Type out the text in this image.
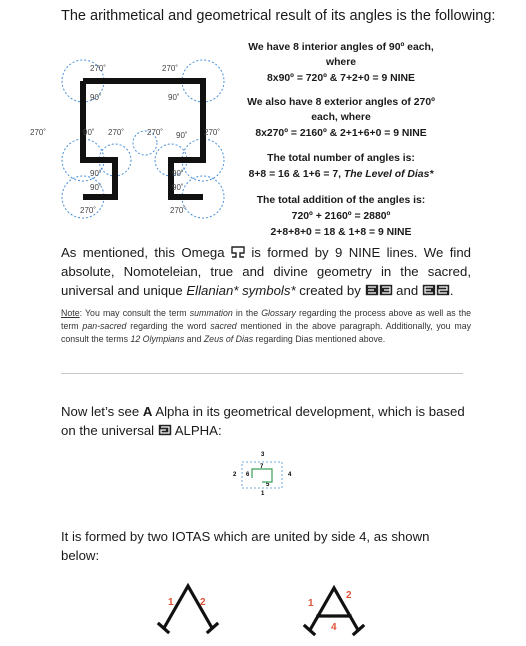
The arithmetical and geometrical result of its angles is the following:
270˚	270˚
90˚	90˚
270˚	90˚ 270˚	270˚ 90˚ 270˚
90˚	90˚
90˚	90˚
270˚	270˚
We have 8 interior angles of 90º each,
where
8x90º = 720º & 7+2+0 = 9 NINE
We also have 8 exterior angles of 270º
each, where
8x270º = 2160º & 2+1+6+0 = 9 NINE
The total number of angles is:
8+8 = 16 & 1+6 = 7, The Level of Dias*
The total addition of the angles is:
720º + 2160º = 2880º
2+8+8+0 = 18 & 1+8 = 9 NINE
As mentioned, this Omega  is formed by 9 NINE lines. We find absolute, Nomoteleian, true and divine geometry in the sacred, universal and unique Ellanian* symbols* created by  and .
Note: You may consult the term summation in the Glossary regarding the process above as well as the term pan-sacred regarding the word sacred mentioned in the above paragraph. Additionally, you may consult the terms 12 Olympians and Zeus of Dias regarding Dias mentioned above.
Now let’s see A Alpha in its geometrical development, which is based on the universal  ALPHA:
3
7
2 6	4
5
1
It is formed by two IOTAS which are united by side 4, as shown below:
1	2	1
2
4
